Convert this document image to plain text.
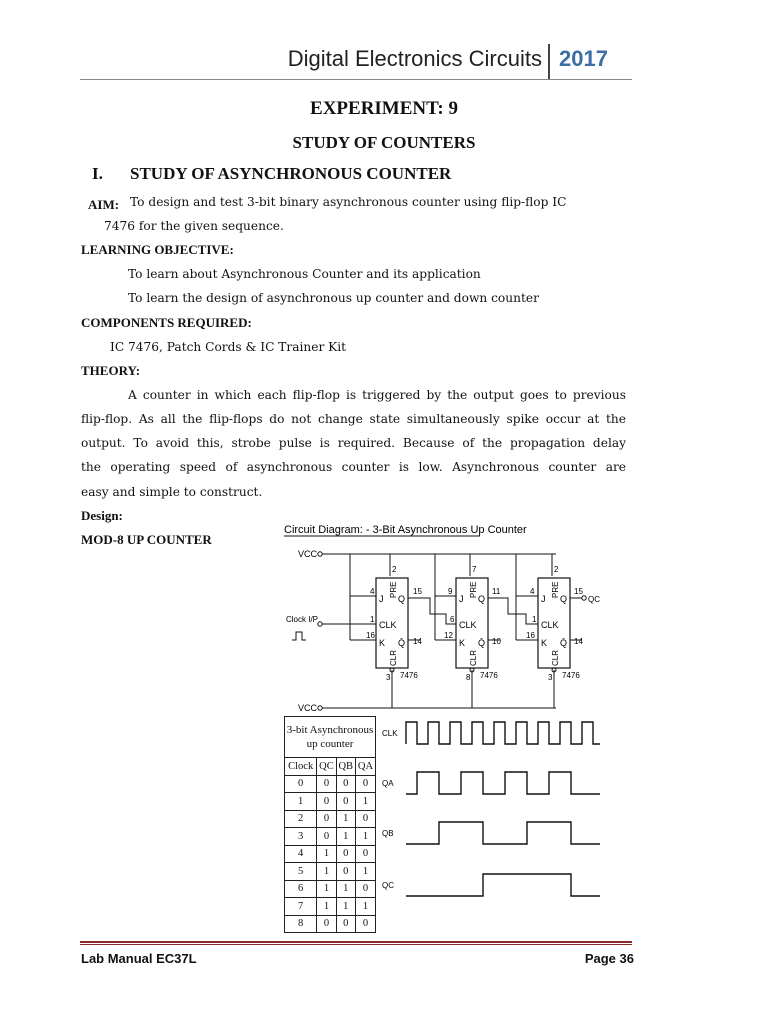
Digital Electronics Circuits 2017
EXPERIMENT: 9
STUDY OF COUNTERS
I. STUDY OF ASYNCHRONOUS COUNTER
AIM: To design and test 3-bit binary asynchronous counter using flip-flop IC
7476 for the given sequence.
LEARNING OBJECTIVE:
To learn about Asynchronous Counter and its application
To learn the design of asynchronous up counter and down counter
COMPONENTS REQUIRED:
IC 7476, Patch Cords & IC Trainer Kit
THEORY:
A counter in which each flip-flop is triggered by the output goes to previous
flip-flop. As all the flip-flops do not change state simultaneously spike occur at the
output. To avoid this, strobe pulse is required. Because of the propagation delay
the operating speed of asynchronous counter is low. Asynchronous counter are
easy and simple to construct.
Design:
MOD-8 UP COUNTER
Circuit Diagram: - 3-Bit Asynchronous Up Counter
VCC
J
CLK
K
Q
Q̄
PRE
CLR
J
CLK
K
Q
Q̄
PRE
CLR
J
CLK
K
Q
Q̄
PRE
CLR
2
4
1
16
15
14
3
7
9
6
12
11
10
8
2
4
1
16
15
14
3
Clock I/P
QC
7476	7476	7476
VCC
3-bit Asynchronous
up counter			
Clock	QC	QB	QA
0	0	0	0
1	0	0	1
2	0	1	0
3	0	1	1
4	1	0	0
5	1	0	1
6	1	1	0
7	1	1	1
8	0	0	0
CLK
QA
QB
QC
Lab Manual EC37L	Page 36
